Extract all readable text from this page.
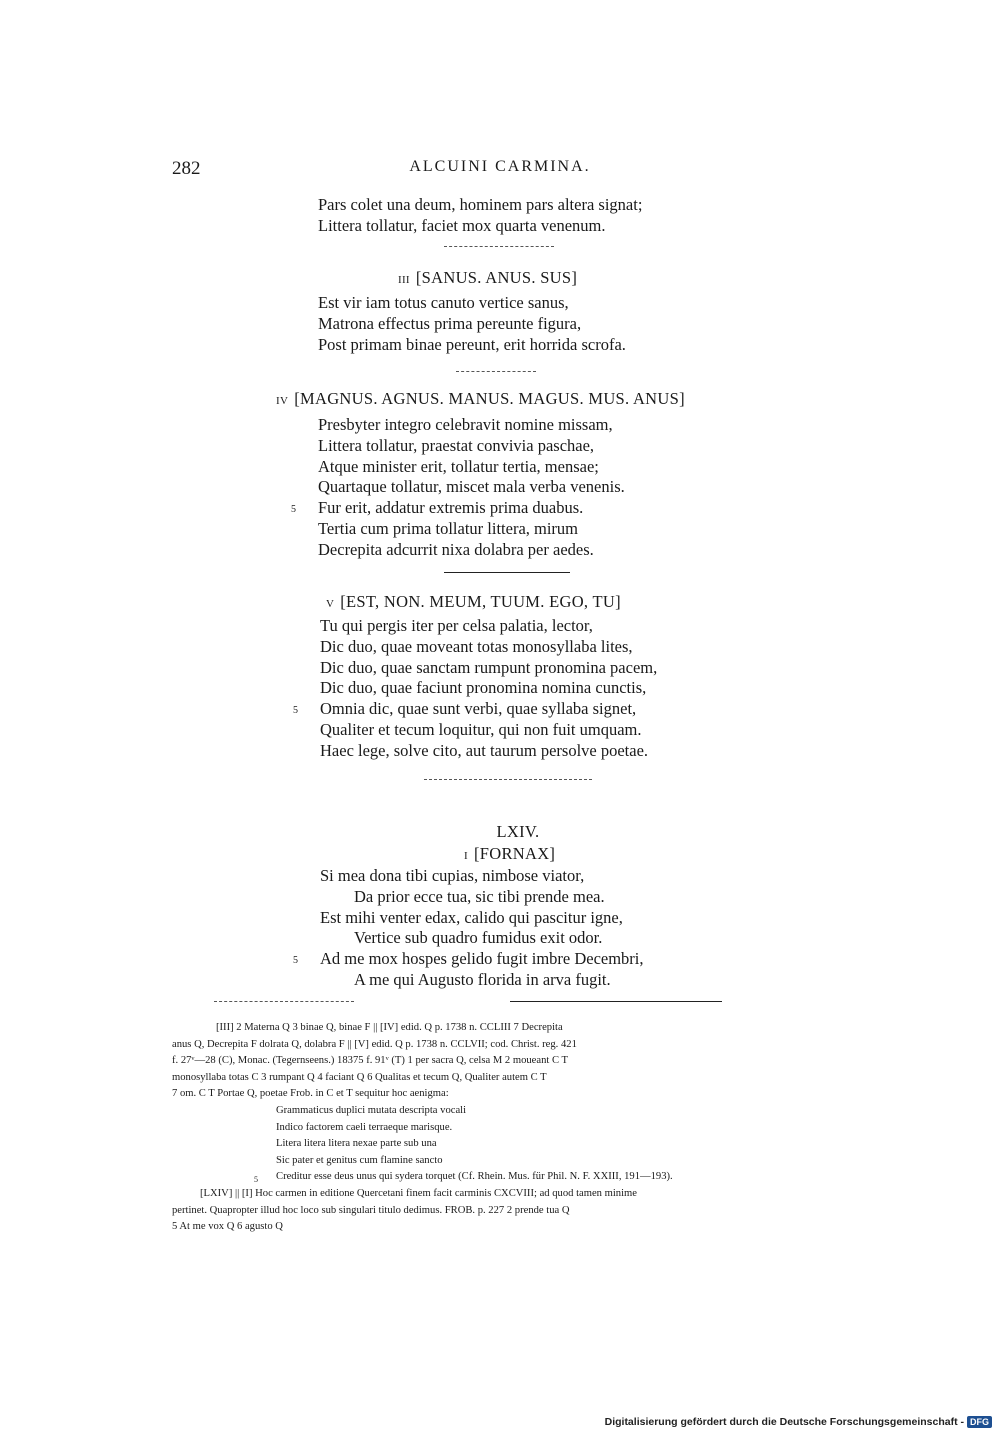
282	ALCUINI CARMINA.
Pars colet una deum, hominem pars altera signat;
Littera tollatur, faciet mox quarta venenum.
III [SANUS. ANUS. SUS]
Est vir iam totus canuto vertice sanus,
Matrona effectus prima pereunte figura,
Post primam binae pereunt, erit horrida scrofa.
IV [MAGNUS. AGNUS. MANUS. MAGUS. MUS. ANUS]
Presbyter integro celebravit nomine missam,
Littera tollatur, praestat convivia paschae,
Atque minister erit, tollatur tertia, mensae;
Quartaque tollatur, miscet mala verba venenis.
5 Fur erit, addatur extremis prima duabus.
Tertia cum prima tollatur littera, mirum
Decrepita adcurrit nixa dolabra per aedes.
V [EST, NON. MEUM, TUUM. EGO, TU]
Tu qui pergis iter per celsa palatia, lector,
Dic duo, quae moveant totas monosyllaba lites,
Dic duo, quae sanctam rumpunt pronomina pacem,
Dic duo, quae faciunt pronomina nomina cunctis,
5 Omnia dic, quae sunt verbi, quae syllaba signet,
Qualiter et tecum loquitur, qui non fuit umquam.
Haec lege, solve cito, aut taurum persolve poetae.
LXIV.
I [FORNAX]
Si mea dona tibi cupias, nimbose viator,
Da prior ecce tua, sic tibi prende mea.
Est mihi venter edax, calido qui pascitur igne,
Vertice sub quadro fumidus exit odor.
5 Ad me mox hospes gelido fugit imbre Decembri,
A me qui Augusto florida in arva fugit.
[III] 2 Materna Q 3 binae Q, binae F || [IV] edid. Q p. 1738 n. CCLIII 7 Decrepita
anus Q, Decrepita F dolrata Q, dolabra F || [V] edid. Q p. 1738 n. CCLVII; cod. Christ. reg. 421
f. 27ᵛ—28 (C), Monac. (Tegernseens.) 18375 f. 91ᵛ (T) 1 per sacra Q, celsa M 2 moueant C T
monosyllaba totas C 3 rumpant Q 4 faciant Q 6 Qualitas et tecum Q, Qualiter autem C T
7 om. C T Portae Q, poetae Frob. in C et T sequitur hoc aenigma:
Grammaticus duplici mutata descripta vocali
Indico factorem caeli terraeque marisque.
Litera litera litera nexae parte sub una
Sic pater et genitus cum flamine sancto
5 Creditur esse deus unus qui sydera torquet (Cf. Rhein. Mus. für Phil. N. F. XXIII, 191—193).
[LXIV] || [I] Hoc carmen in editione Quercetani finem facit carminis CXCVIII; ad quod tamen minime
pertinet. Quapropter illud hoc loco sub singulari titulo dedimus. FROB. p. 227 2 prende tua Q
5 At me vox Q 6 agusto Q
Digitalisierung gefördert durch die Deutsche Forschungsgemeinschaft - DFG
